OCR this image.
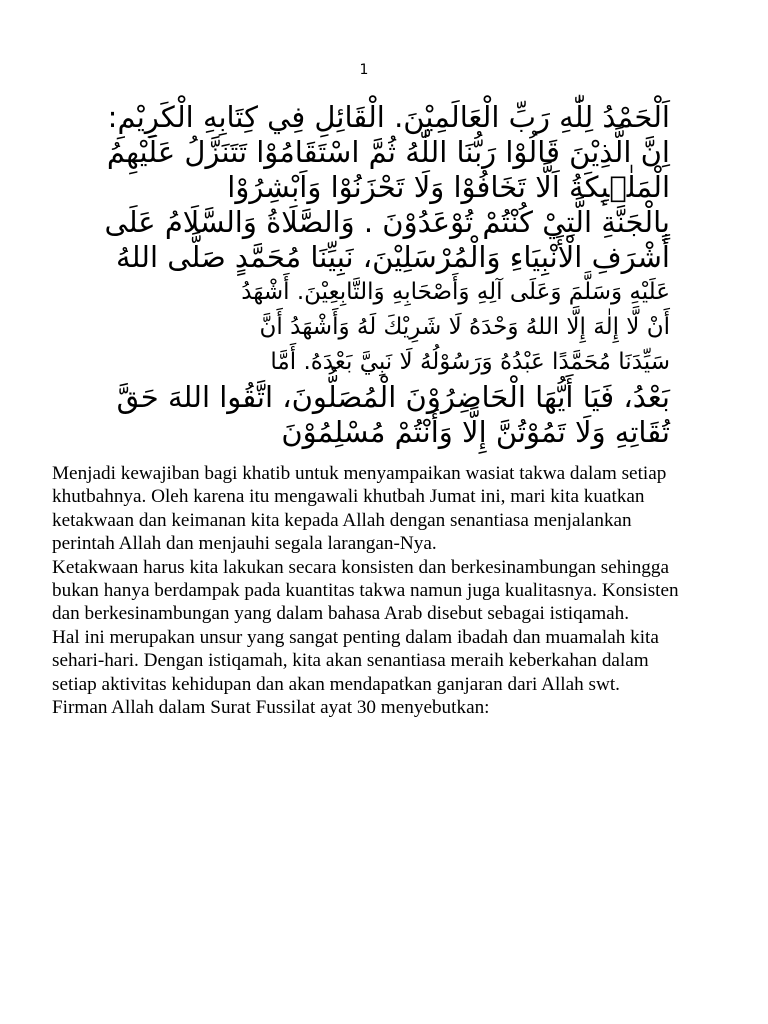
1
اَلْحَمْدُ لِلّٰهِ رَبِّ الْعَالَمِيْنَ. الْقَائِلِ فِي كِتَابِهِ الْكَرِيْمِ:
اِنَّ الَّذِيْنَ قَالُوْا رَبُّنَا اللّٰهُ ثُمَّ اسْتَقَامُوْا تَتَنَزَّلُ عَلَيْهِمُ
الْمَلٰۤىِٕكَةُ اَلَّا تَخَافُوْا وَلَا تَحْزَنُوْا وَاَبْشِرُوْا
بِالْجَنَّةِ الَّتِيْ كُنْتُمْ تُوْعَدُوْنَ . وَالصَّلَاةُ وَالسَّلَامُ عَلَى
أَشْرَفِ الْأَنْبِيَاءِ وَالْمُرْسَلِيْنَ، نَبِيِّنَا مُحَمَّدٍ صَلَّى اللهُ
عَلَيْهِ وَسَلَّمَ وَعَلَى آلِهِ وَأَصْحَابِهِ وَالتَّابِعِيْنَ. أَشْهَدُ
أَنْ لَّا إِلٰهَ إِلَّا اللهُ وَحْدَهُ لَا شَرِيْكَ لَهُ وَأَشْهَدُ أَنَّ
سَيِّدَنَا مُحَمَّدًا عَبْدُهُ وَرَسُوْلُهُ لَا نَبِيَّ بَعْدَهُ. أَمَّا
بَعْدُ، فَيَا أَيُّهَا الْحَاضِرُوْنَ الْمُصَلُّونَ، اتَّقُوا اللهَ حَقَّ
تُقَاتِهِ وَلَا تَمُوْتُنَّ إِلَّا وَأَنْتُمْ مُسْلِمُوْنَ

Menjadi kewajiban bagi khatib untuk menyampaikan wasiat takwa dalam setiap khutbahnya. Oleh karena itu mengawali khutbah Jumat ini, mari kita kuatkan ketakwaan dan keimanan kita kepada Allah dengan senantiasa menjalankan perintah Allah dan menjauhi segala larangan-Nya.

Ketakwaan harus kita lakukan secara konsisten dan berkesinambungan sehingga bukan hanya berdampak pada kuantitas takwa namun juga kualitasnya. Konsisten dan berkesinambungan yang dalam bahasa Arab disebut sebagai istiqamah.

Hal ini merupakan unsur yang sangat penting dalam ibadah dan muamalah kita sehari-hari. Dengan istiqamah, kita akan senantiasa meraih keberkahan dalam setiap aktivitas kehidupan dan akan mendapatkan ganjaran dari Allah swt.

Firman Allah dalam Surat Fussilat ayat 30 menyebutkan:
